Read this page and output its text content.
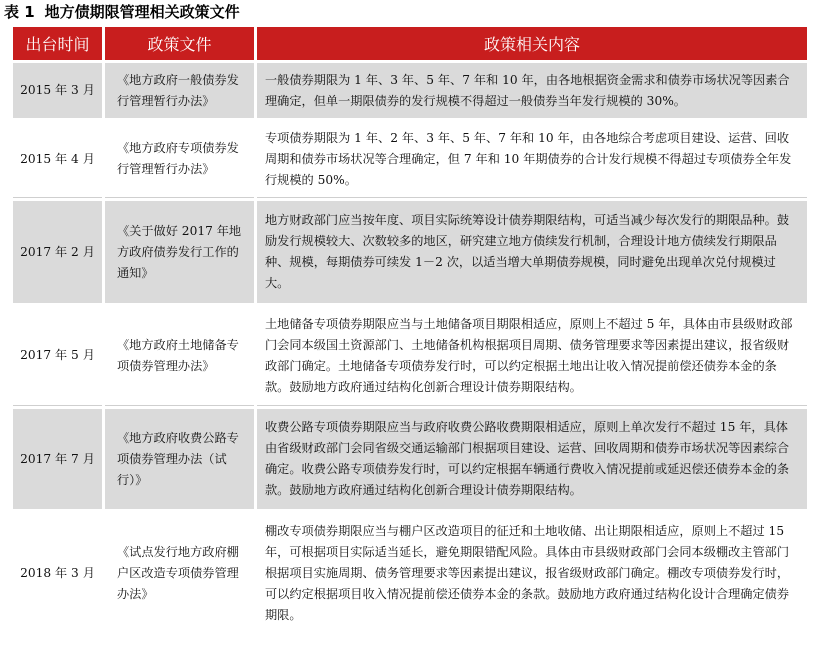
表 1 地方债期限管理相关政策文件
出台时间	政策文件	政策相关内容
2015 年 3 月	《地方政府一般债券发行管理暂行办法》	一般债券期限为 1 年、3 年、5 年、7 年和 10 年，由各地根据资金需求和债券市场状况等因素合理确定，但单一期限债券的发行规模不得超过一般债券当年发行规模的 30%。
2015 年 4 月	《地方政府专项债券发行管理暂行办法》	专项债券期限为 1 年、2 年、3 年、5 年、7 年和 10 年，由各地综合考虑项目建设、运营、回收周期和债券市场状况等合理确定，但 7 年和 10 年期债券的合计发行规模不得超过专项债券全年发行规模的 50%。
2017 年 2 月	《关于做好 2017 年地方政府债券发行工作的通知》	地方财政部门应当按年度、项目实际统筹设计债券期限结构，可适当减少每次发行的期限品种。鼓励发行规模较大、次数较多的地区，研究建立地方债续发行机制，合理设计地方债续发行期限品种、规模，每期债券可续发 1－2 次，以适当增大单期债券规模，同时避免出现单次兑付规模过大。
2017 年 5 月	《地方政府土地储备专项债券管理办法》	土地储备专项债券期限应当与土地储备项目期限相适应，原则上不超过 5 年，具体由市县级财政部门会同本级国土资源部门、土地储备机构根据项目周期、债务管理要求等因素提出建议，报省级财政部门确定。土地储备专项债券发行时，可以约定根据土地出让收入情况提前偿还债券本金的条款。鼓励地方政府通过结构化创新合理设计债券期限结构。
2017 年 7 月	《地方政府收费公路专项债券管理办法（试行）》	收费公路专项债券期限应当与政府收费公路收费期限相适应，原则上单次发行不超过 15 年，具体由省级财政部门会同省级交通运输部门根据项目建设、运营、回收周期和债券市场状况等因素综合确定。收费公路专项债券发行时，可以约定根据车辆通行费收入情况提前或延迟偿还债券本金的条款。鼓励地方政府通过结构化创新合理设计债券期限结构。
2018 年 3 月	《试点发行地方政府棚户区改造专项债券管理办法》	棚改专项债券期限应当与棚户区改造项目的征迁和土地收储、出让期限相适应，原则上不超过 15 年，可根据项目实际适当延长，避免期限错配风险。具体由市县级财政部门会同本级棚改主管部门根据项目实施周期、债务管理要求等因素提出建议，报省级财政部门确定。棚改专项债券发行时，可以约定根据项目收入情况提前偿还债券本金的条款。鼓励地方政府通过结构化设计合理确定债券期限。
